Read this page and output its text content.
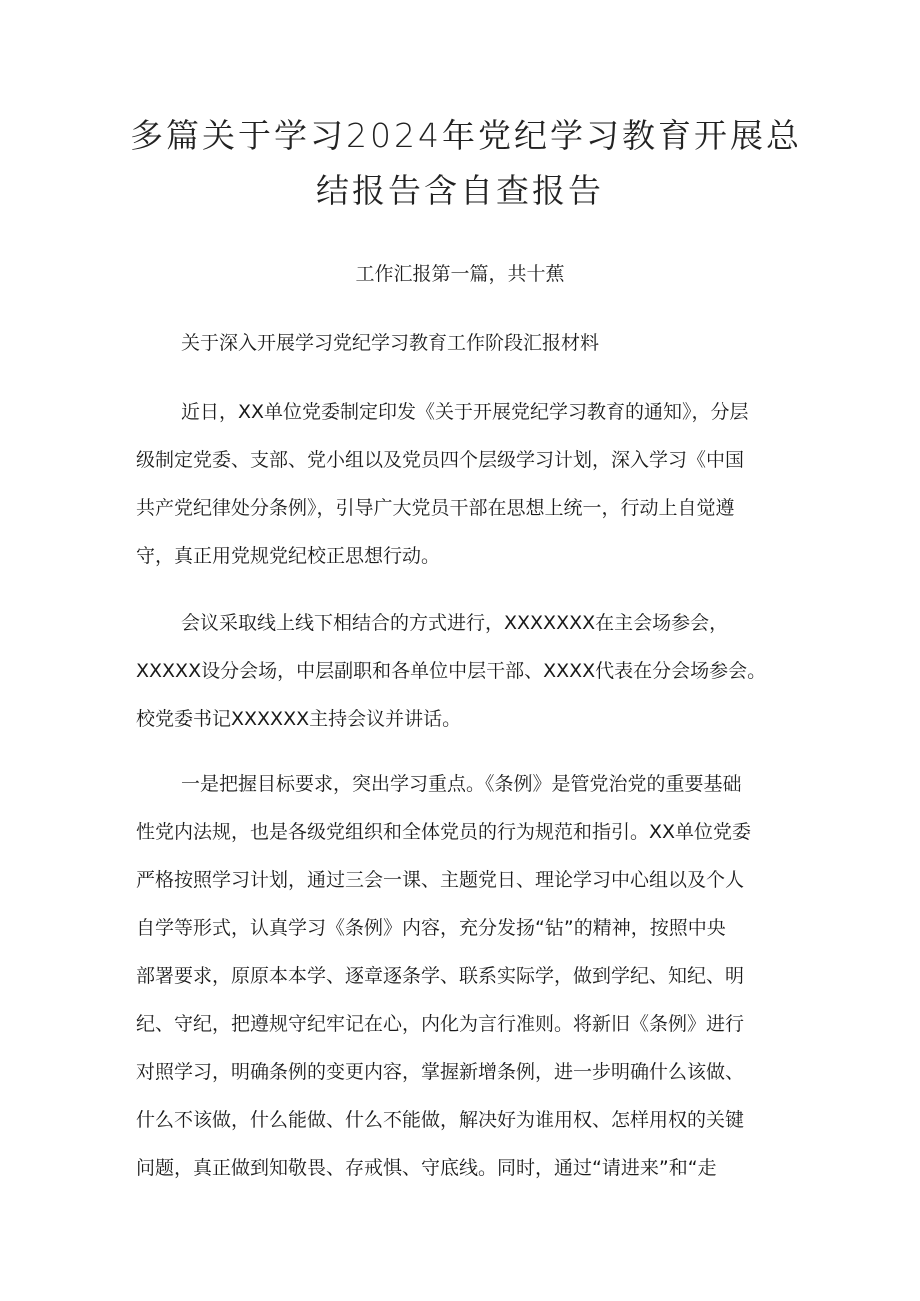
多篇关于学习2024年党纪学习教育开展总
结报告含自查报告

工作汇报第一篇，共十蕉

关于深入开展学习党纪学习教育工作阶段汇报材料

近日，XX单位党委制定印发《关于开展党纪学习教育的通知》，分层
级制定党委、支部、党小组以及党员四个层级学习计划，深入学习《中国
共产党纪律处分条例》，引导广大党员干部在思想上统一，行动上自觉遵
守，真正用党规党纪校正思想行动。
会议采取线上线下相结合的方式进行，XXXXXXX在主会场参会，
XXXXX设分会场，中层副职和各单位中层干部、XXXX代表在分会场参会。
校党委书记XXXXXX主持会议并讲话。
一是把握目标要求，突出学习重点。《条例》是管党治党的重要基础
性党内法规，也是各级党组织和全体党员的行为规范和指引。XX单位党委
严格按照学习计划，通过三会一课、主题党日、理论学习中心组以及个人
自学等形式，认真学习《条例》内容，充分发扬“钻”的精神，按照中央
部署要求，原原本本学、逐章逐条学、联系实际学，做到学纪、知纪、明
纪、守纪，把遵规守纪牢记在心，内化为言行准则。将新旧《条例》进行
对照学习，明确条例的变更内容，掌握新增条例，进一步明确什么该做、
什么不该做，什么能做、什么不能做，解决好为谁用权、怎样用权的关键
问题，真正做到知敬畏、存戒惧、守底线。同时，通过“请进来”和“走
